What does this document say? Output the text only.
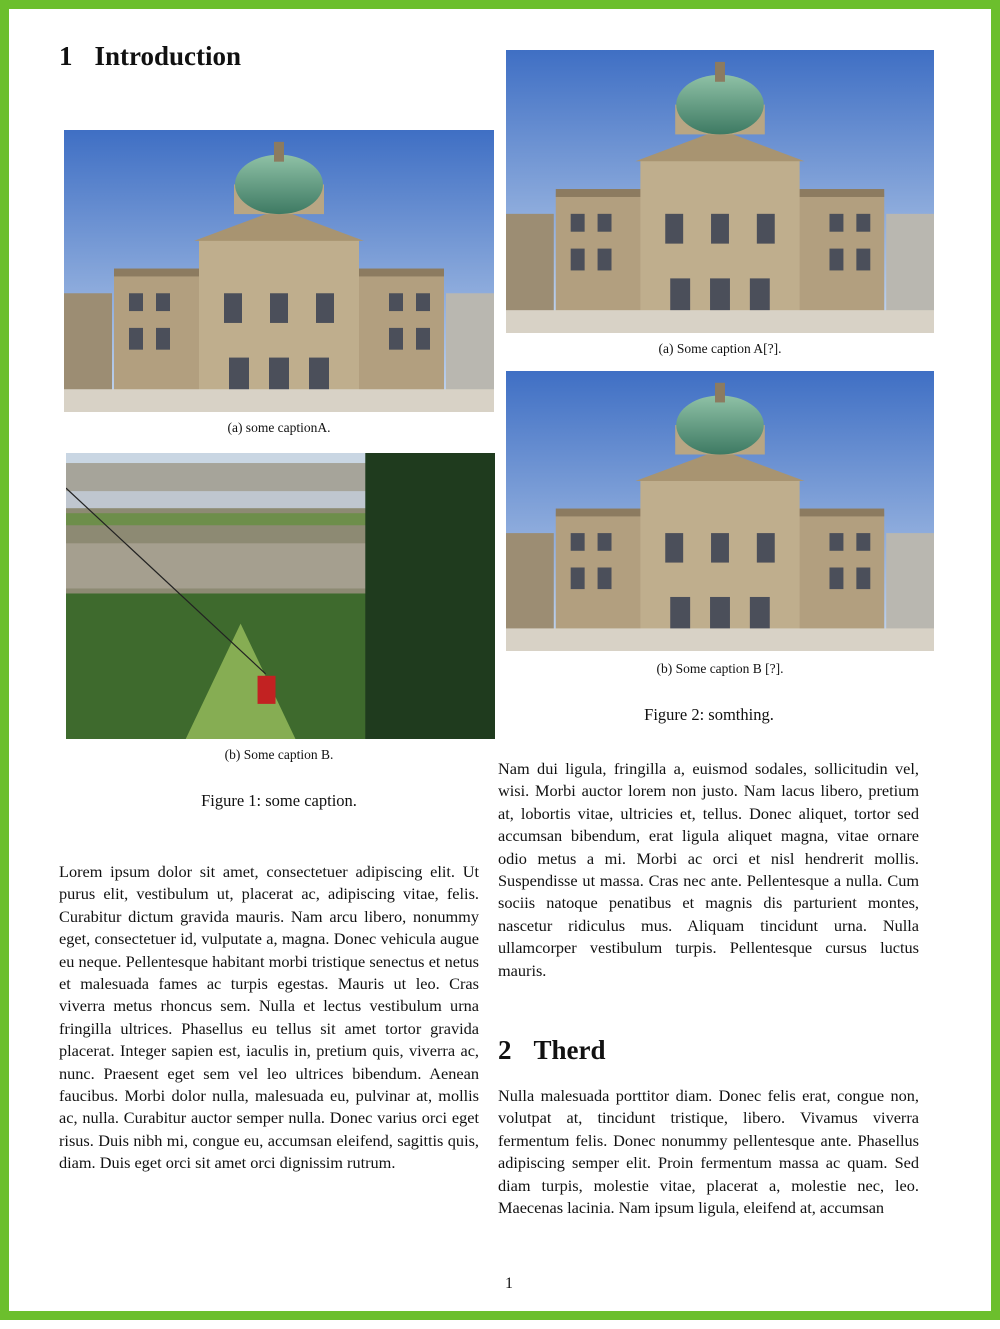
1 Introduction
(a) some captionA.
(b) Some caption B.
Figure 1: some caption.

Lorem ipsum dolor sit amet, consectetuer adipiscing elit. Ut purus elit, vestibulum ut, placerat ac, adipiscing vitae, felis. Curabitur dictum gravida mauris. Nam arcu libero, nonummy eget, consectetuer id, vulputate a, magna. Donec vehicula augue eu neque. Pellentesque habitant morbi tristique senectus et netus et malesuada fames ac turpis egestas. Mauris ut leo. Cras viverra metus rhoncus sem. Nulla et lectus vestibulum urna fringilla ultrices. Phasellus eu tellus sit amet tortor gravida placerat. Integer sapien est, iaculis in, pretium quis, viverra ac, nunc. Praesent eget sem vel leo ultrices bibendum. Aenean faucibus. Morbi dolor nulla, malesuada eu, pulvinar at, mollis ac, nulla. Curabitur auctor semper nulla. Donec varius orci eget risus. Duis nibh mi, congue eu, accumsan eleifend, sagittis quis, diam. Duis eget orci sit amet orci dignissim rutrum.

(a) Some caption A[?].
(b) Some caption B [?].
Figure 2: somthing.

Nam dui ligula, fringilla a, euismod sodales, sollicitudin vel, wisi. Morbi auctor lorem non justo. Nam lacus libero, pretium at, lobortis vitae, ultricies et, tellus. Donec aliquet, tortor sed accumsan bibendum, erat ligula aliquet magna, vitae ornare odio metus a mi. Morbi ac orci et nisl hendrerit mollis. Suspendisse ut massa. Cras nec ante. Pellentesque a nulla. Cum sociis natoque penatibus et magnis dis parturient montes, nascetur ridiculus mus. Aliquam tincidunt urna. Nulla ullamcorper vestibulum turpis. Pellentesque cursus luctus mauris.

2 Therd

Nulla malesuada porttitor diam. Donec felis erat, congue non, volutpat at, tincidunt tristique, libero. Vivamus viverra fermentum felis. Donec nonummy pellentesque ante. Phasellus adipiscing semper elit. Proin fermentum massa ac quam. Sed diam turpis, molestie vitae, placerat a, molestie nec, leo. Maecenas lacinia. Nam ipsum ligula, eleifend at, accumsan

1
